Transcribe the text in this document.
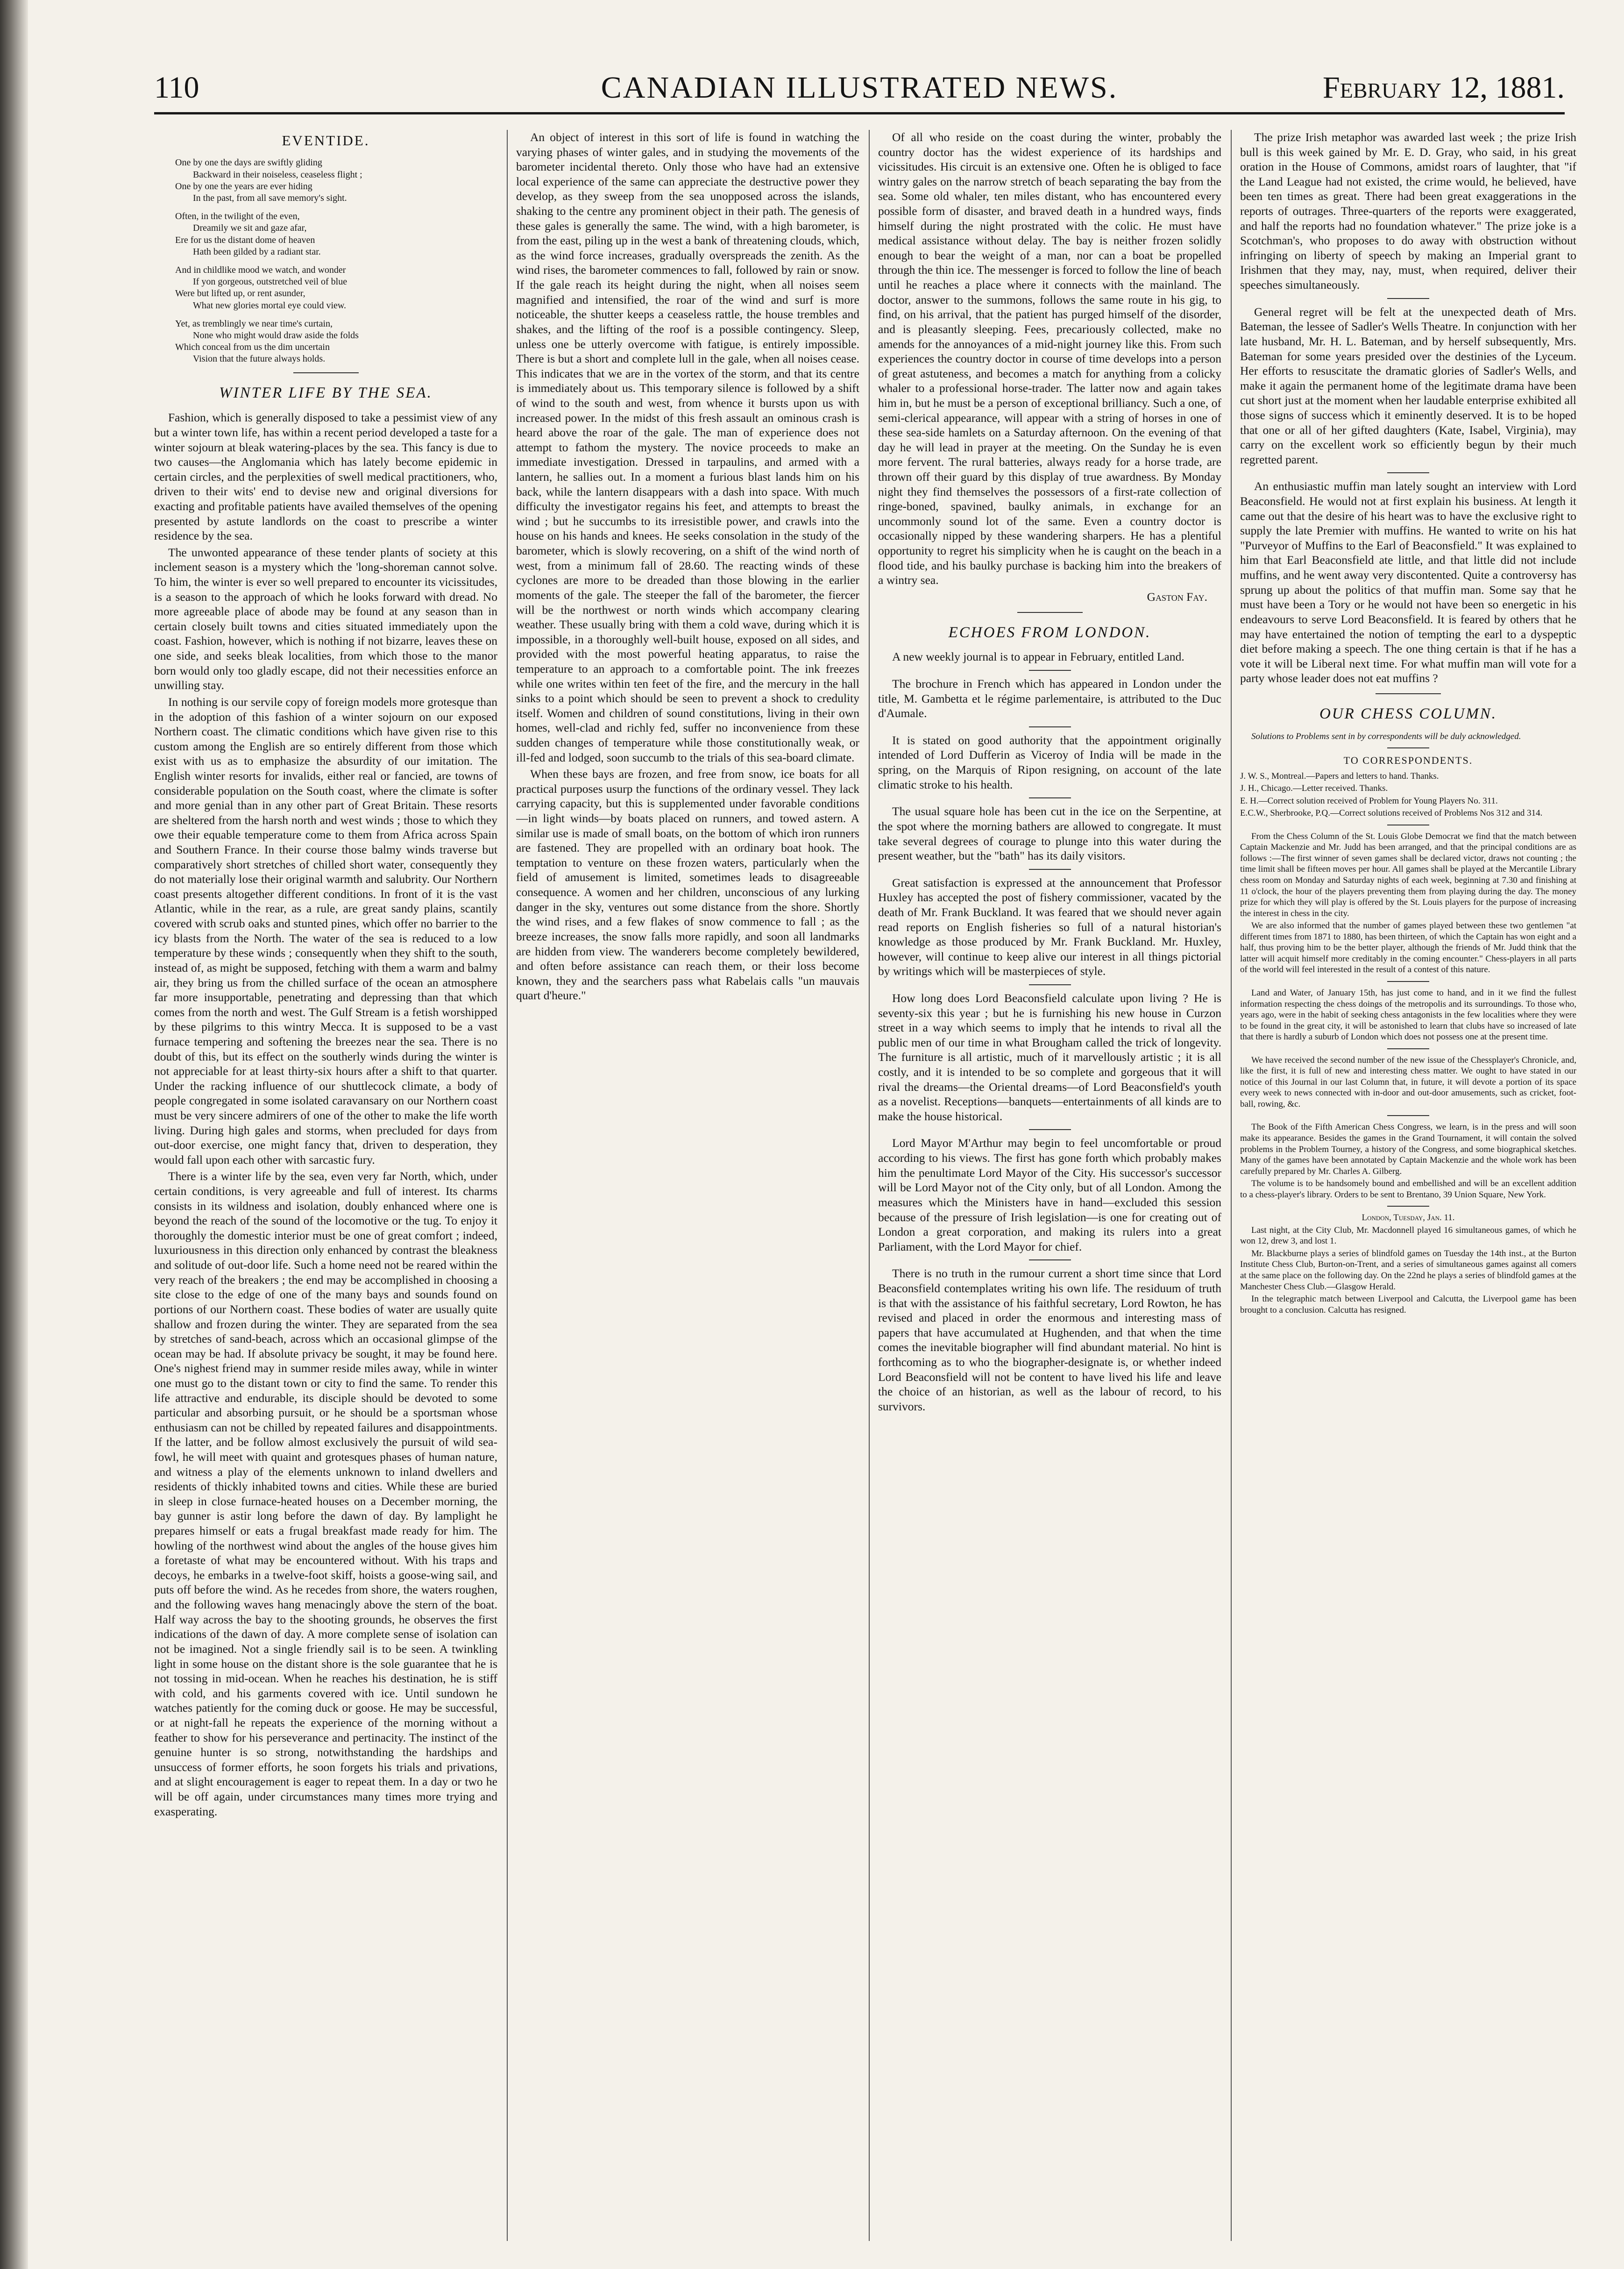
110	CANADIAN ILLUSTRATED NEWS.	February 12, 1881.
EVENTIDE.

One by one the days are swiftly gliding

Backward in their noiseless, ceaseless flight ;

One by one the years are ever hiding

In the past, from all save memory's sight.

Often, in the twilight of the even,

Dreamily we sit and gaze afar,

Ere for us the distant dome of heaven

Hath been gilded by a radiant star.

And in childlike mood we watch, and wonder

If yon gorgeous, outstretched veil of blue

Were but lifted up, or rent asunder,

What new glories mortal eye could view.

Yet, as tremblingly we near time's curtain,

None who might would draw aside the folds

Which conceal from us the dim uncertain

Vision that the future always holds.

WINTER LIFE BY THE SEA.

Fashion, which is generally disposed to take a pessimist view of any but a winter town life, has within a recent period developed a taste for a winter sojourn at bleak watering-places by the sea. This fancy is due to two causes—the Anglomania which has lately become epidemic in certain circles, and the perplexities of swell medical practitioners, who, driven to their wits' end to devise new and original diversions for exacting and profitable patients have availed themselves of the opening presented by astute landlords on the coast to prescribe a winter residence by the sea.

The unwonted appearance of these tender plants of society at this inclement season is a mystery which the 'long-shoreman cannot solve. To him, the winter is ever so well prepared to encounter its vicissitudes, is a season to the approach of which he looks forward with dread. No more agreeable place of abode may be found at any season than in certain closely built towns and cities situated immediately upon the coast. Fashion, however, which is nothing if not bizarre, leaves these on one side, and seeks bleak localities, from which those to the manor born would only too gladly escape, did not their necessities enforce an unwilling stay.

In nothing is our servile copy of foreign models more grotesque than in the adoption of this fashion of a winter sojourn on our exposed Northern coast. The climatic conditions which have given rise to this custom among the English are so entirely different from those which exist with us as to emphasize the absurdity of our imitation. The English winter resorts for invalids, either real or fancied, are towns of considerable population on the South coast, where the climate is softer and more genial than in any other part of Great Britain. These resorts are sheltered from the harsh north and west winds ; those to which they owe their equable temperature come to them from Africa across Spain and Southern France. In their course those balmy winds traverse but comparatively short stretches of chilled short water, consequently they do not materially lose their original warmth and salubrity. Our Northern coast presents altogether different conditions. In front of it is the vast Atlantic, while in the rear, as a rule, are great sandy plains, scantily covered with scrub oaks and stunted pines, which offer no barrier to the icy blasts from the North. The water of the sea is reduced to a low temperature by these winds ; consequently when they shift to the south, instead of, as might be supposed, fetching with them a warm and balmy air, they bring us from the chilled surface of the ocean an atmosphere far more insupportable, penetrating and depressing than that which comes from the north and west. The Gulf Stream is a fetish worshipped by these pilgrims to this wintry Mecca. It is supposed to be a vast furnace tempering and softening the breezes near the sea. There is no doubt of this, but its effect on the southerly winds during the winter is not appreciable for at least thirty-six hours after a shift to that quarter. Under the racking influence of our shuttlecock climate, a body of people congregated in some isolated caravansary on our Northern coast must be very sincere admirers of one of the other to make the life worth living. During high gales and storms, when precluded for days from out-door exercise, one might fancy that, driven to desperation, they would fall upon each other with sarcastic fury.

There is a winter life by the sea, even very far North, which, under certain conditions, is very agreeable and full of interest. Its charms consists in its wildness and isolation, doubly enhanced where one is beyond the reach of the sound of the locomotive or the tug. To enjoy it thoroughly the domestic interior must be one of great comfort ; indeed, luxuriousness in this direction only enhanced by contrast the bleakness and solitude of out-door life. Such a home need not be reared within the very reach of the breakers ; the end may be accomplished in choosing a site close to the edge of one of the many bays and sounds found on portions of our Northern coast. These bodies of water are usually quite shallow and frozen during the winter. They are separated from the sea by stretches of sand-beach, across which an occasional glimpse of the ocean may be had. If absolute privacy be sought, it may be found here. One's nighest friend may in summer reside miles away, while in winter one must go to the distant town or city to find the same. To render this life attractive and endurable, its disciple should be devoted to some particular and absorbing pursuit, or he should be a sportsman whose enthusiasm can not be chilled by repeated failures and disappointments. If the latter, and be follow almost exclusively the pursuit of wild sea-fowl, he will meet with quaint and grotesques phases of human nature, and witness a play of the elements unknown to inland dwellers and residents of thickly inhabited towns and cities. While these are buried in sleep in close furnace-heated houses on a December morning, the bay gunner is astir long before the dawn of day. By lamplight he prepares himself or eats a frugal breakfast made ready for him. The howling of the northwest wind about the angles of the house gives him a foretaste of what may be encountered without. With his traps and decoys, he embarks in a twelve-foot skiff, hoists a goose-wing sail, and puts off before the wind. As he recedes from shore, the waters roughen, and the following waves hang menacingly above the stern of the boat. Half way across the bay to the shooting grounds, he observes the first indications of the dawn of day. A more complete sense of isolation can not be imagined. Not a single friendly sail is to be seen. A twinkling light in some house on the distant shore is the sole guarantee that he is not tossing in mid-ocean. When he reaches his destination, he is stiff with cold, and his garments covered with ice. Until sundown he watches patiently for the coming duck or goose. He may be successful, or at night-fall he repeats the experience of the morning without a feather to show for his perseverance and pertinacity. The instinct of the genuine hunter is so strong, notwithstanding the hardships and unsuccess of former efforts, he soon forgets his trials and privations, and at slight encouragement is eager to repeat them. In a day or two he will be off again, under circumstances many times more trying and exasperating.

An object of interest in this sort of life is found in watching the varying phases of winter gales, and in studying the movements of the barometer incidental thereto. Only those who have had an extensive local experience of the same can appreciate the destructive power they develop, as they sweep from the sea unopposed across the islands, shaking to the centre any prominent object in their path. The genesis of these gales is generally the same. The wind, with a high barometer, is from the east, piling up in the west a bank of threatening clouds, which, as the wind force increases, gradually overspreads the zenith. As the wind rises, the barometer commences to fall, followed by rain or snow. If the gale reach its height during the night, when all noises seem magnified and intensified, the roar of the wind and surf is more noticeable, the shutter keeps a ceaseless rattle, the house trembles and shakes, and the lifting of the roof is a possible contingency. Sleep, unless one be utterly overcome with fatigue, is entirely impossible. There is but a short and complete lull in the gale, when all noises cease. This indicates that we are in the vortex of the storm, and that its centre is immediately about us. This temporary silence is followed by a shift of wind to the south and west, from whence it bursts upon us with increased power. In the midst of this fresh assault an ominous crash is heard above the roar of the gale. The man of experience does not attempt to fathom the mystery. The novice proceeds to make an immediate investigation. Dressed in tarpaulins, and armed with a lantern, he sallies out. In a moment a furious blast lands him on his back, while the lantern disappears with a dash into space. With much difficulty the investigator regains his feet, and attempts to breast the wind ; but he succumbs to its irresistible power, and crawls into the house on his hands and knees. He seeks consolation in the study of the barometer, which is slowly recovering, on a shift of the wind north of west, from a minimum fall of 28.60. The reacting winds of these cyclones are more to be dreaded than those blowing in the earlier moments of the gale. The steeper the fall of the barometer, the fiercer will be the northwest or north winds which accompany clearing weather. These usually bring with them a cold wave, during which it is impossible, in a thoroughly well-built house, exposed on all sides, and provided with the most powerful heating apparatus, to raise the temperature to an approach to a comfortable point. The ink freezes while one writes within ten feet of the fire, and the mercury in the hall sinks to a point which should be seen to prevent a shock to credulity itself. Women and children of sound constitutions, living in their own homes, well-clad and richly fed, suffer no inconvenience from these sudden changes of temperature while those constitutionally weak, or ill-fed and lodged, soon succumb to the trials of this sea-board climate.

When these bays are frozen, and free from snow, ice boats for all practical purposes usurp the functions of the ordinary vessel. They lack carrying capacity, but this is supplemented under favorable conditions—in light winds—by boats placed on runners, and towed astern. A similar use is made of small boats, on the bottom of which iron runners are fastened. They are propelled with an ordinary boat hook. The temptation to venture on these frozen waters, particularly when the field of amusement is limited, sometimes leads to disagreeable consequence. A women and her children, unconscious of any lurking danger in the sky, ventures out some distance from the shore. Shortly the wind rises, and a few flakes of snow commence to fall ; as the breeze increases, the snow falls more rapidly, and soon all landmarks are hidden from view. The wanderers become completely bewildered, and often before assistance can reach them, or their loss become known, they and the searchers pass what Rabelais calls "un mauvais quart d'heure."

Of all who reside on the coast during the winter, probably the country doctor has the widest experience of its hardships and vicissitudes. His circuit is an extensive one. Often he is obliged to face wintry gales on the narrow stretch of beach separating the bay from the sea. Some old whaler, ten miles distant, who has encountered every possible form of disaster, and braved death in a hundred ways, finds himself during the night prostrated with the colic. He must have medical assistance without delay. The bay is neither frozen solidly enough to bear the weight of a man, nor can a boat be propelled through the thin ice. The messenger is forced to follow the line of beach until he reaches a place where it connects with the mainland. The doctor, answer to the summons, follows the same route in his gig, to find, on his arrival, that the patient has purged himself of the disorder, and is pleasantly sleeping. Fees, precariously collected, make no amends for the annoyances of a mid-night journey like this. From such experiences the country doctor in course of time develops into a person of great astuteness, and becomes a match for anything from a colicky whaler to a professional horse-trader. The latter now and again takes him in, but he must be a person of exceptional brilliancy. Such a one, of semi-clerical appearance, will appear with a string of horses in one of these sea-side hamlets on a Saturday afternoon. On the evening of that day he will lead in prayer at the meeting. On the Sunday he is even more fervent. The rural batteries, always ready for a horse trade, are thrown off their guard by this display of true awardness. By Monday night they find themselves the possessors of a first-rate collection of ringe-boned, spavined, baulky animals, in exchange for an uncommonly sound lot of the same. Even a country doctor is occasionally nipped by these wandering sharpers. He has a plentiful opportunity to regret his simplicity when he is caught on the beach in a flood tide, and his baulky purchase is backing him into the breakers of a wintry sea.

Gaston Fay.
ECHOES FROM LONDON.

A new weekly journal is to appear in February, entitled Land.

The brochure in French which has appeared in London under the title, M. Gambetta et le régime parlementaire, is attributed to the Duc d'Aumale.

It is stated on good authority that the appointment originally intended of Lord Dufferin as Viceroy of India will be made in the spring, on the Marquis of Ripon resigning, on account of the late climatic stroke to his health.

The usual square hole has been cut in the ice on the Serpentine, at the spot where the morning bathers are allowed to congregate. It must take several degrees of courage to plunge into this water during the present weather, but the "bath" has its daily visitors.

Great satisfaction is expressed at the announcement that Professor Huxley has accepted the post of fishery commissioner, vacated by the death of Mr. Frank Buckland. It was feared that we should never again read reports on English fisheries so full of a natural historian's knowledge as those produced by Mr. Frank Buckland. Mr. Huxley, however, will continue to keep alive our interest in all things pictorial by writings which will be masterpieces of style.

How long does Lord Beaconsfield calculate upon living ? He is seventy-six this year ; but he is furnishing his new house in Curzon street in a way which seems to imply that he intends to rival all the public men of our time in what Brougham called the trick of longevity. The furniture is all artistic, much of it marvellously artistic ; it is all costly, and it is intended to be so complete and gorgeous that it will rival the dreams—the Oriental dreams—of Lord Beaconsfield's youth as a novelist. Receptions—banquets—entertainments of all kinds are to make the house historical.

Lord Mayor M'Arthur may begin to feel uncomfortable or proud according to his views. The first has gone forth which probably makes him the penultimate Lord Mayor of the City. His successor's successor will be Lord Mayor not of the City only, but of all London. Among the measures which the Ministers have in hand—excluded this session because of the pressure of Irish legislation—is one for creating out of London a great corporation, and making its rulers into a great Parliament, with the Lord Mayor for chief.

There is no truth in the rumour current a short time since that Lord Beaconsfield contemplates writing his own life. The residuum of truth is that with the assistance of his faithful secretary, Lord Rowton, he has revised and placed in order the enormous and interesting mass of papers that have accumulated at Hughenden, and that when the time comes the inevitable biographer will find abundant material. No hint is forthcoming as to who the biographer-designate is, or whether indeed Lord Beaconsfield will not be content to have lived his life and leave the choice of an historian, as well as the labour of record, to his survivors.

The prize Irish metaphor was awarded last week ; the prize Irish bull is this week gained by Mr. E. D. Gray, who said, in his great oration in the House of Commons, amidst roars of laughter, that "if the Land League had not existed, the crime would, he believed, have been ten times as great. There had been great exaggerations in the reports of outrages. Three-quarters of the reports were exaggerated, and half the reports had no foundation whatever." The prize joke is a Scotchman's, who proposes to do away with obstruction without infringing on liberty of speech by making an Imperial grant to Irishmen that they may, nay, must, when required, deliver their speeches simultaneously.

General regret will be felt at the unexpected death of Mrs. Bateman, the lessee of Sadler's Wells Theatre. In conjunction with her late husband, Mr. H. L. Bateman, and by herself subsequently, Mrs. Bateman for some years presided over the destinies of the Lyceum. Her efforts to resuscitate the dramatic glories of Sadler's Wells, and make it again the permanent home of the legitimate drama have been cut short just at the moment when her laudable enterprise exhibited all those signs of success which it eminently deserved. It is to be hoped that one or all of her gifted daughters (Kate, Isabel, Virginia), may carry on the excellent work so efficiently begun by their much regretted parent.

An enthusiastic muffin man lately sought an interview with Lord Beaconsfield. He would not at first explain his business. At length it came out that the desire of his heart was to have the exclusive right to supply the late Premier with muffins. He wanted to write on his hat "Purveyor of Muffins to the Earl of Beaconsfield." It was explained to him that Earl Beaconsfield ate little, and that little did not include muffins, and he went away very discontented. Quite a controversy has sprung up about the politics of that muffin man. Some say that he must have been a Tory or he would not have been so energetic in his endeavours to serve Lord Beaconsfield. It is feared by others that he may have entertained the notion of tempting the earl to a dyspeptic diet before making a speech. The one thing certain is that if he has a vote it will be Liberal next time. For what muffin man will vote for a party whose leader does not eat muffins ?

OUR CHESS COLUMN.

Solutions to Problems sent in by correspondents will be duly acknowledged.

TO CORRESPONDENTS.

J. W. S., Montreal.—Papers and letters to hand. Thanks.

J. H., Chicago.—Letter received. Thanks.

E. H.—Correct solution received of Problem for Young Players No. 311.

E.C.W., Sherbrooke, P.Q.—Correct solutions received of Problems Nos 312 and 314.

From the Chess Column of the St. Louis Globe Democrat we find that the match between Captain Mackenzie and Mr. Judd has been arranged, and that the principal conditions are as follows :—The first winner of seven games shall be declared victor, draws not counting ; the time limit shall be fifteen moves per hour. All games shall be played at the Mercantile Library chess room on Monday and Saturday nights of each week, beginning at 7.30 and finishing at 11 o'clock, the hour of the players preventing them from playing during the day. The money prize for which they will play is offered by the St. Louis players for the purpose of increasing the interest in chess in the city.

We are also informed that the number of games played between these two gentlemen "at different times from 1871 to 1880, has been thirteen, of which the Captain has won eight and a half, thus proving him to be the better player, although the friends of Mr. Judd think that the latter will acquit himself more creditably in the coming encounter." Chess-players in all parts of the world will feel interested in the result of a contest of this nature.

Land and Water, of January 15th, has just come to hand, and in it we find the fullest information respecting the chess doings of the metropolis and its surroundings. To those who, years ago, were in the habit of seeking chess antagonists in the few localities where they were to be found in the great city, it will be astonished to learn that clubs have so increased of late that there is hardly a suburb of London which does not possess one at the present time.

We have received the second number of the new issue of the Chessplayer's Chronicle, and, like the first, it is full of new and interesting chess matter. We ought to have stated in our notice of this Journal in our last Column that, in future, it will devote a portion of its space every week to news connected with in-door and out-door amusements, such as cricket, foot-ball, rowing, &c.

The Book of the Fifth American Chess Congress, we learn, is in the press and will soon make its appearance. Besides the games in the Grand Tournament, it will contain the solved problems in the Problem Tourney, a history of the Congress, and some biographical sketches. Many of the games have been annotated by Captain Mackenzie and the whole work has been carefully prepared by Mr. Charles A. Gilberg.

The volume is to be handsomely bound and embellished and will be an excellent addition to a chess-player's library. Orders to be sent to Brentano, 39 Union Square, New York.

London, Tuesday, Jan. 11.

Last night, at the City Club, Mr. Macdonnell played 16 simultaneous games, of which he won 12, drew 3, and lost 1.

Mr. Blackburne plays a series of blindfold games on Tuesday the 14th inst., at the Burton Institute Chess Club, Burton-on-Trent, and a series of simultaneous games against all comers at the same place on the following day. On the 22nd he plays a series of blindfold games at the Manchester Chess Club.—Glasgow Herald.

In the telegraphic match between Liverpool and Calcutta, the Liverpool game has been brought to a conclusion. Calcutta has resigned.
